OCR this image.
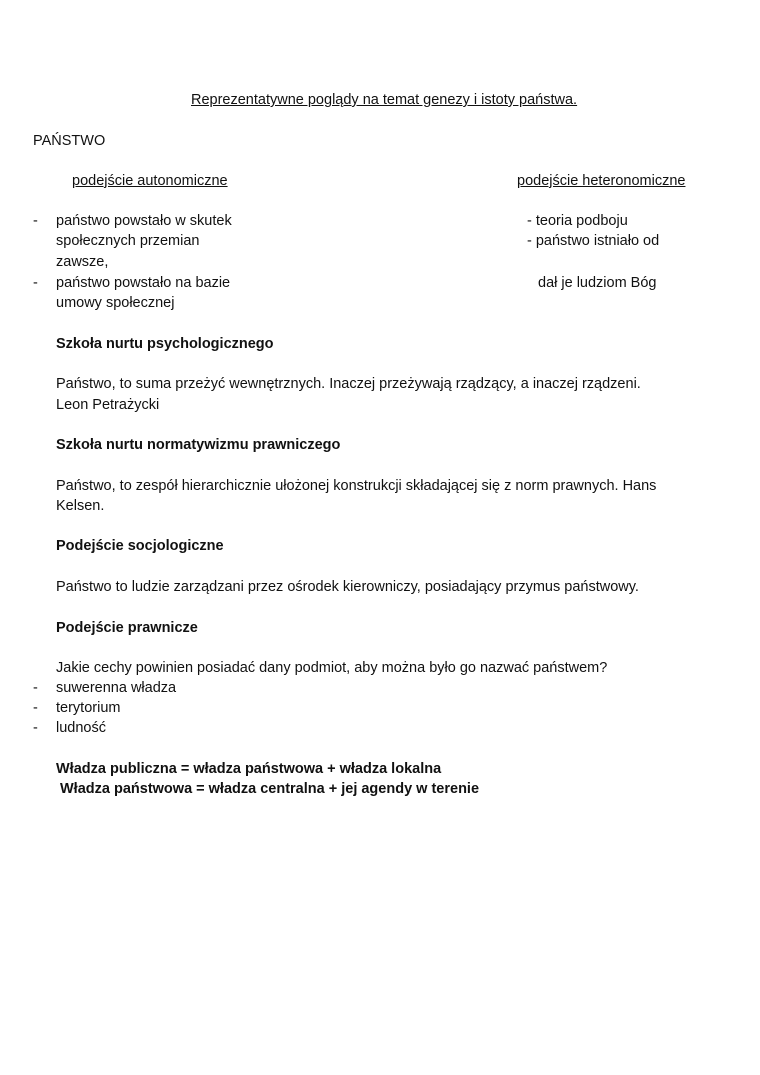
Reprezentatywne poglądy na temat genezy i istoty państwa.
PAŃSTWO
podejście autonomiczne	podejście heteronomiczne
- państwo powstało w skutek
społecznych przemian
zawsze,
- państwo powstało na bazie
umowy społecznej
- teoria podboju
- państwo istniało od
dał je ludziom Bóg
Szkoła nurtu psychologicznego
Państwo, to suma przeżyć wewnętrznych. Inaczej przeżywają rządzący, a inaczej rządzeni.
Leon Petrażycki
Szkoła nurtu normatywizmu prawniczego
Państwo, to zespół hierarchicznie ułożonej konstrukcji składającej się z norm prawnych. Hans
Kelsen.
Podejście socjologiczne
Państwo to ludzie zarządzani przez ośrodek kierowniczy, posiadający przymus państwowy.
Podejście prawnicze
Jakie cechy powinien posiadać dany podmiot, aby można było go nazwać państwem?
- suwerenna władza
- terytorium
- ludność
Władza publiczna = władza państwowa + władza lokalna
Władza państwowa = władza centralna + jej agendy w terenie
